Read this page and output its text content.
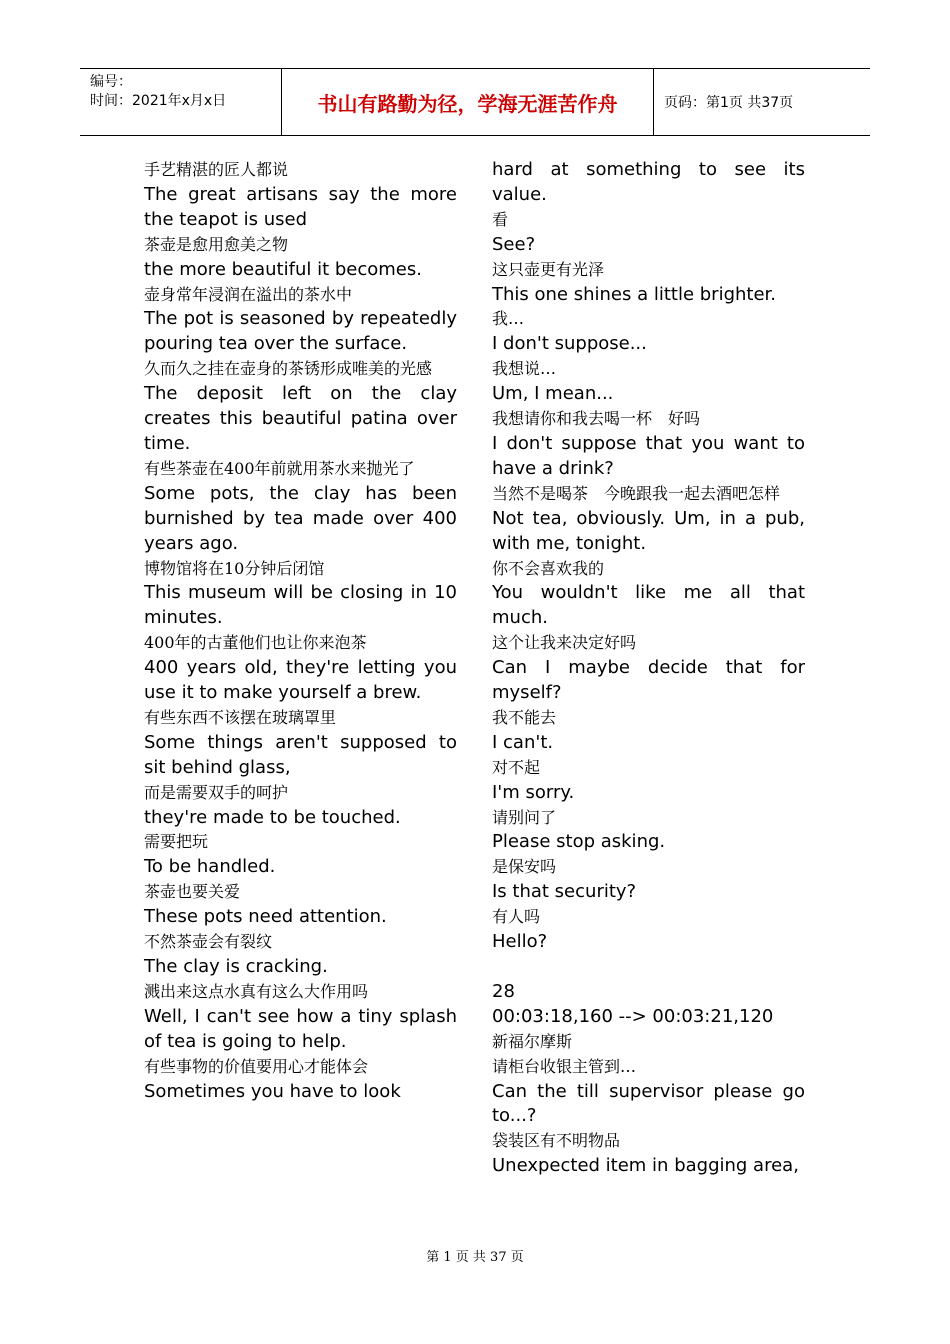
编号：
时间：2021年x月x日	书山有路勤为径，学海无涯苦作舟	页码：第1页 共37页
手艺精湛的匠人都说
The great artisans say the more the teapot is used
茶壶是愈用愈美之物
the more beautiful it becomes.
壶身常年浸润在溢出的茶水中
The pot is seasoned by repeatedly pouring tea over the surface.
久而久之挂在壶身的茶锈形成唯美的光感
The deposit left on the clay creates this beautiful patina over time.
有些茶壶在400年前就用茶水来抛光了
Some pots, the clay has been burnished by tea made over 400 years ago.
博物馆将在10分钟后闭馆
This museum will be closing in 10 minutes.
400年的古董他们也让你来泡茶
400 years old, they're letting you use it to make yourself a brew.
有些东西不该摆在玻璃罩里
Some things aren't supposed to sit behind glass,
而是需要双手的呵护
they're made to be touched.
需要把玩
To be handled.
茶壶也要关爱
These pots need attention.
不然茶壶会有裂纹
The clay is cracking.
溅出来这点水真有这么大作用吗
Well, I can't see how a tiny splash of tea is going to help.
有些事物的价值要用心才能体会
Sometimes you have to look
hard at something to see its value.
看
See?
这只壶更有光泽
This one shines a little brighter.
我…
I don't suppose...
我想说…
Um, I mean...
我想请你和我去喝一杯　好吗
I don't suppose that you want to have a drink?
当然不是喝茶　今晚跟我一起去酒吧怎样
Not tea, obviously. Um, in a pub, with me, tonight.
你不会喜欢我的
You wouldn't like me all that much.
这个让我来决定好吗
Can I maybe decide that for myself?
我不能去
I can't.
对不起
I'm sorry.
请别问了
Please stop asking.
是保安吗
Is that security?
有人吗
Hello?
28
00:03:18,160 --> 00:03:21,120
新福尔摩斯
请柜台收银主管到…
Can the till supervisor please go to...?
袋装区有不明物品
Unexpected item in bagging area,
第 1 页 共 37 页
